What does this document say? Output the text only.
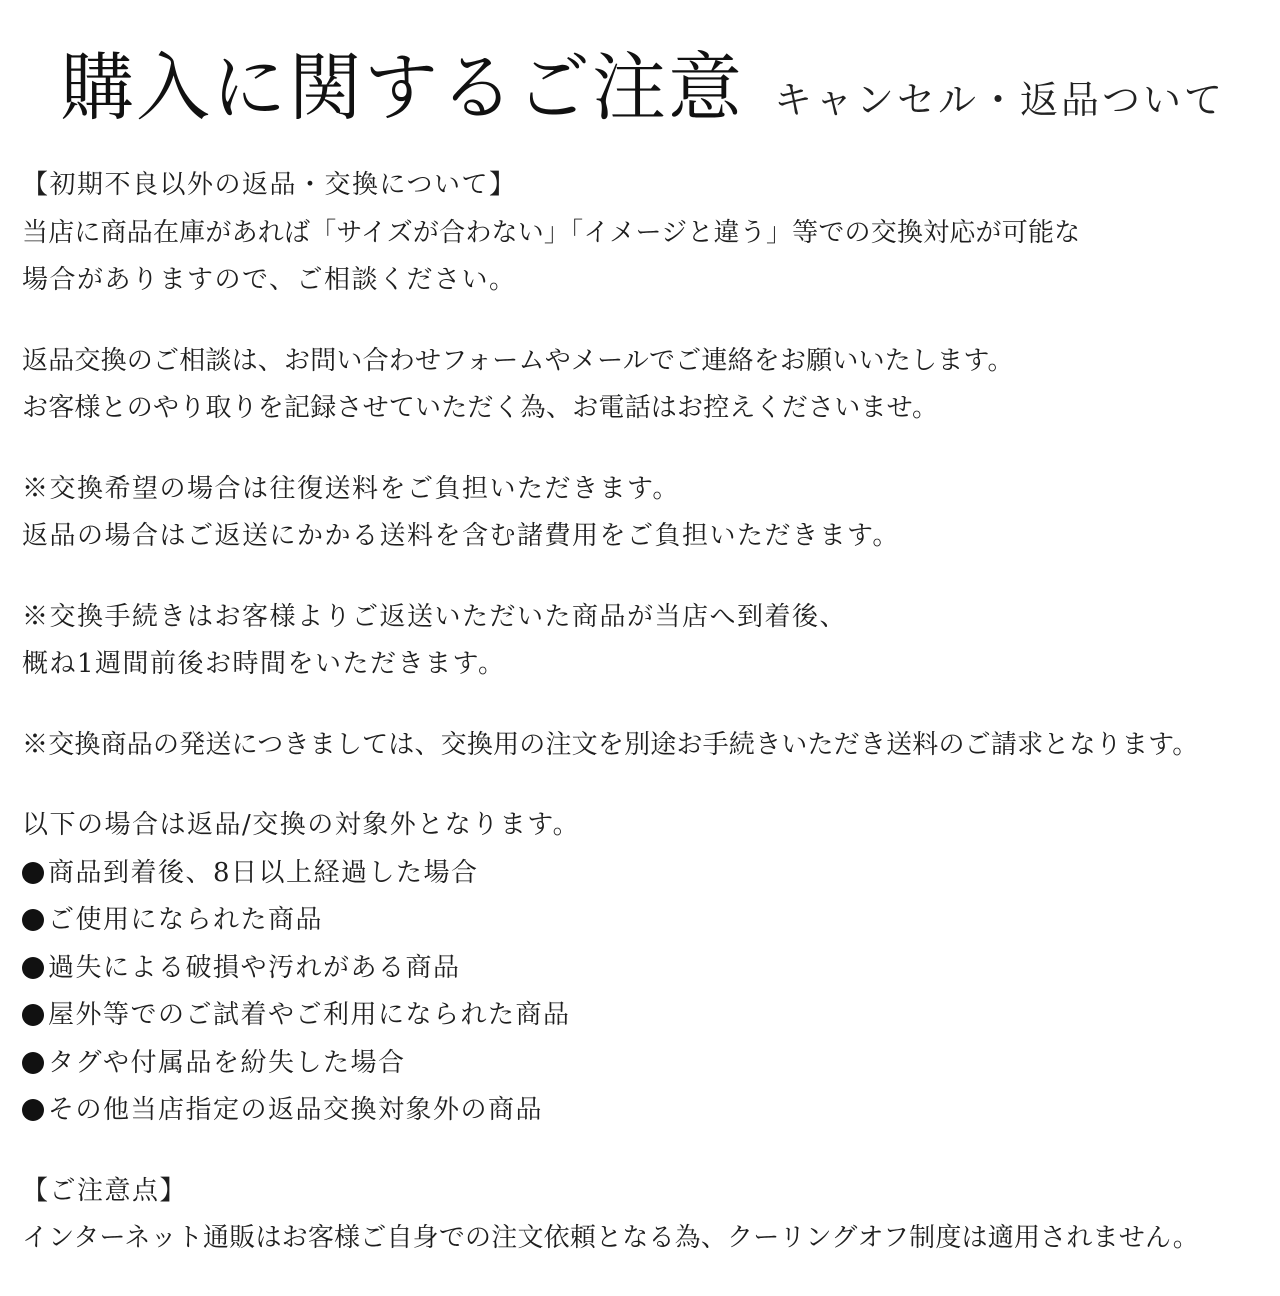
購入に関するご注意 キャンセル・返品ついて
【初期不良以外の返品・交換について】
当店に商品在庫があれば「サイズが合わない」「イメージと違う」等での交換対応が可能な
場合がありますので、ご相談ください。
返品交換のご相談は、お問い合わせフォームやメールでご連絡をお願いいたします。
お客様とのやり取りを記録させていただく為、お電話はお控えくださいませ。
※交換希望の場合は往復送料をご負担いただきます。
返品の場合はご返送にかかる送料を含む諸費用をご負担いただきます。
※交換手続きはお客様よりご返送いただいた商品が当店へ到着後、
概ね1週間前後お時間をいただきます。
※交換商品の発送につきましては、交換用の注文を別途お手続きいただき送料のご請求となります。
以下の場合は返品/交換の対象外となります。
商品到着後、8日以上経過した場合
ご使用になられた商品
過失による破損や汚れがある商品
屋外等でのご試着やご利用になられた商品
タグや付属品を紛失した場合
その他当店指定の返品交換対象外の商品
【ご注意点】
インターネット通販はお客様ご自身での注文依頼となる為、クーリングオフ制度は適用されません。
